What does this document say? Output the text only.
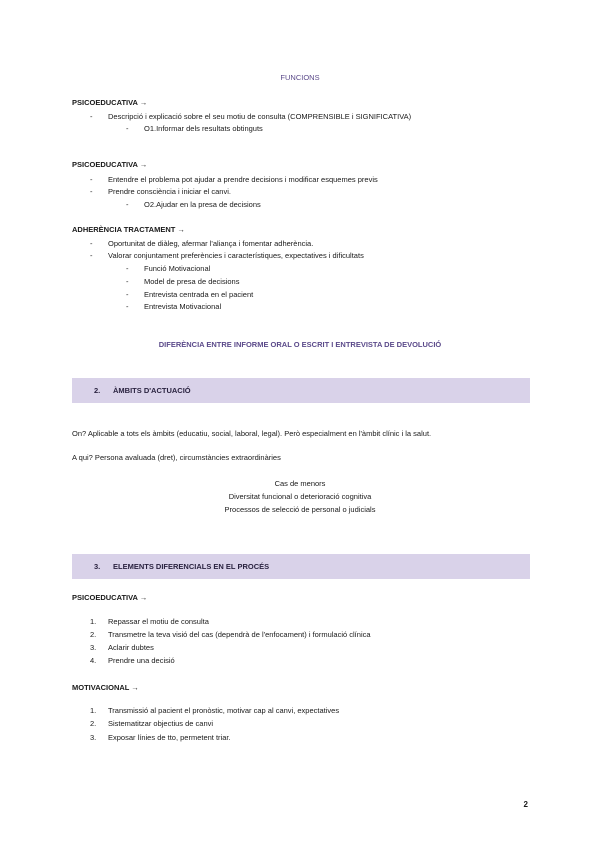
FUNCIONS
PSICOEDUCATIVA →
- Descripció i explicació sobre el seu motiu de consulta (COMPRENSIBLE i SIGNIFICATIVA)
- O1.Informar dels resultats obtinguts
PSICOEDUCATIVA →
- Entendre el problema pot ajudar a prendre decisions i modificar esquemes previs
- Prendre consciència i iniciar el canvi.
- O2.Ajudar en la presa de decisions
ADHERÈNCIA TRACTAMENT →
- Oportunitat de diàleg, afermar l'aliança i fomentar adherència.
- Valorar conjuntament preferències i característiques, expectatives i dificultats
- Funció Motivacional
- Model de presa de decisions
- Entrevista centrada en el pacient
- Entrevista Motivacional
DIFERÈNCIA ENTRE INFORME ORAL O ESCRIT I ENTREVISTA DE DEVOLUCIÓ
2. ÀMBITS D'ACTUACIÓ
On? Aplicable a tots els àmbits (educatiu, social, laboral, legal). Però especialment en l'àmbit clínic i la salut.
A qui? Persona avaluada (dret), circumstàncies extraordinàries
Cas de menors
Diversitat funcional o deterioració cognitiva
Processos de selecció de personal o judicials
3. ELEMENTS DIFERENCIALS EN EL PROCÉS
PSICOEDUCATIVA →
1. Repassar el motiu de consulta
2. Transmetre la teva visió del cas (dependrà de l'enfocament) i formulació clínica
3. Aclarir dubtes
4. Prendre una decisió
MOTIVACIONAL →
1. Transmissió al pacient el pronòstic, motivar cap al canvi, expectatives
2. Sistematitzar objectius de canvi
3. Exposar línies de tto, permetent triar.
2
